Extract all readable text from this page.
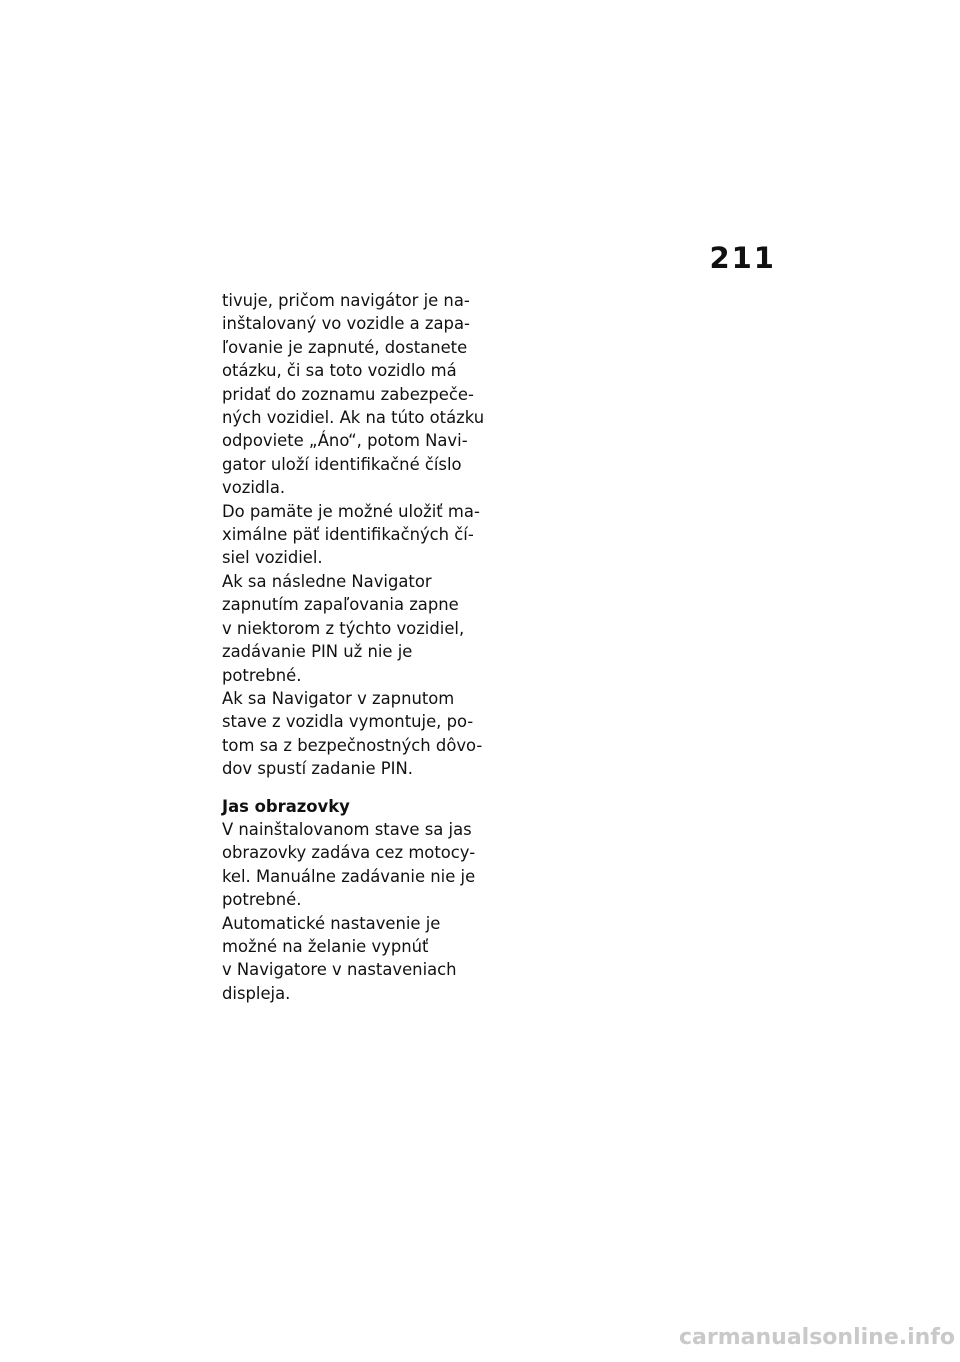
211
tivuje, pričom navigátor je na-
inštalovaný vo vozidle a zapa-
ľovanie je zapnuté, dostanete
otázku, či sa toto vozidlo má
pridať do zoznamu zabezpeče-
ných vozidiel. Ak na túto otázku
odpoviete „Áno“, potom Navi-
gator uloží identifikačné číslo
vozidla.
Do pamäte je možné uložiť ma-
ximálne päť identifikačných čí-
siel vozidiel.
Ak sa následne Navigator
zapnutím zapaľovania zapne
v niektorom z týchto vozidiel,
zadávanie PIN už nie je
potrebné.
Ak sa Navigator v zapnutom
stave z vozidla vymontuje, po-
tom sa z bezpečnostných dôvo-
dov spustí zadanie PIN.
Jas obrazovky
V nainštalovanom stave sa jas
obrazovky zadáva cez motocy-
kel. Manuálne zadávanie nie je
potrebné.
Automatické nastavenie je
možné na želanie vypnúť
v Navigatore v nastaveniach
displeja.
carmanualsonline.info
